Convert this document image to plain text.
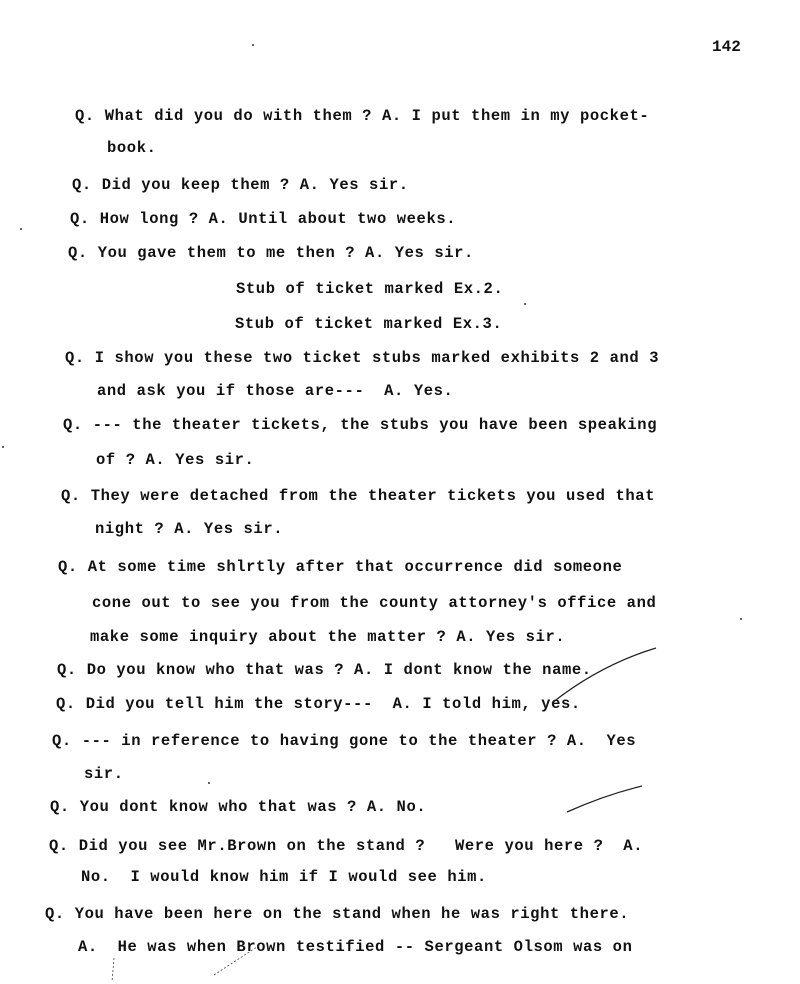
142
Q. What did you do with them ? A. I put them in my pocket-
book.
Q. Did you keep them ? A. Yes sir.
Q. How long ? A. Until about two weeks.
Q. You gave them to me then ? A. Yes sir.
Stub of ticket marked Ex.2.
Stub of ticket marked Ex.3.
Q. I show you these two ticket stubs marked exhibits 2 and 3
and ask you if those are---  A. Yes.
Q. --- the theater tickets, the stubs you have been speaking
of ? A. Yes sir.
Q. They were detached from the theater tickets you used that
night ? A. Yes sir.
Q. At some time shlrtly after that occurrence did someone
cone out to see you from the county attorney's office and
make some inquiry about the matter ? A. Yes sir.
Q. Do you know who that was ? A. I dont know the name.
Q. Did you tell him the story---  A. I told him, yes.
Q. --- in reference to having gone to the theater ? A.  Yes
sir.
Q. You dont know who that was ? A. No.
Q. Did you see Mr.Brown on the stand ?   Were you here ?  A.
No.  I would know him if I would see him.
Q. You have been here on the stand when he was right there.
A.  He was when Brown testified -- Sergeant Olsom was on
